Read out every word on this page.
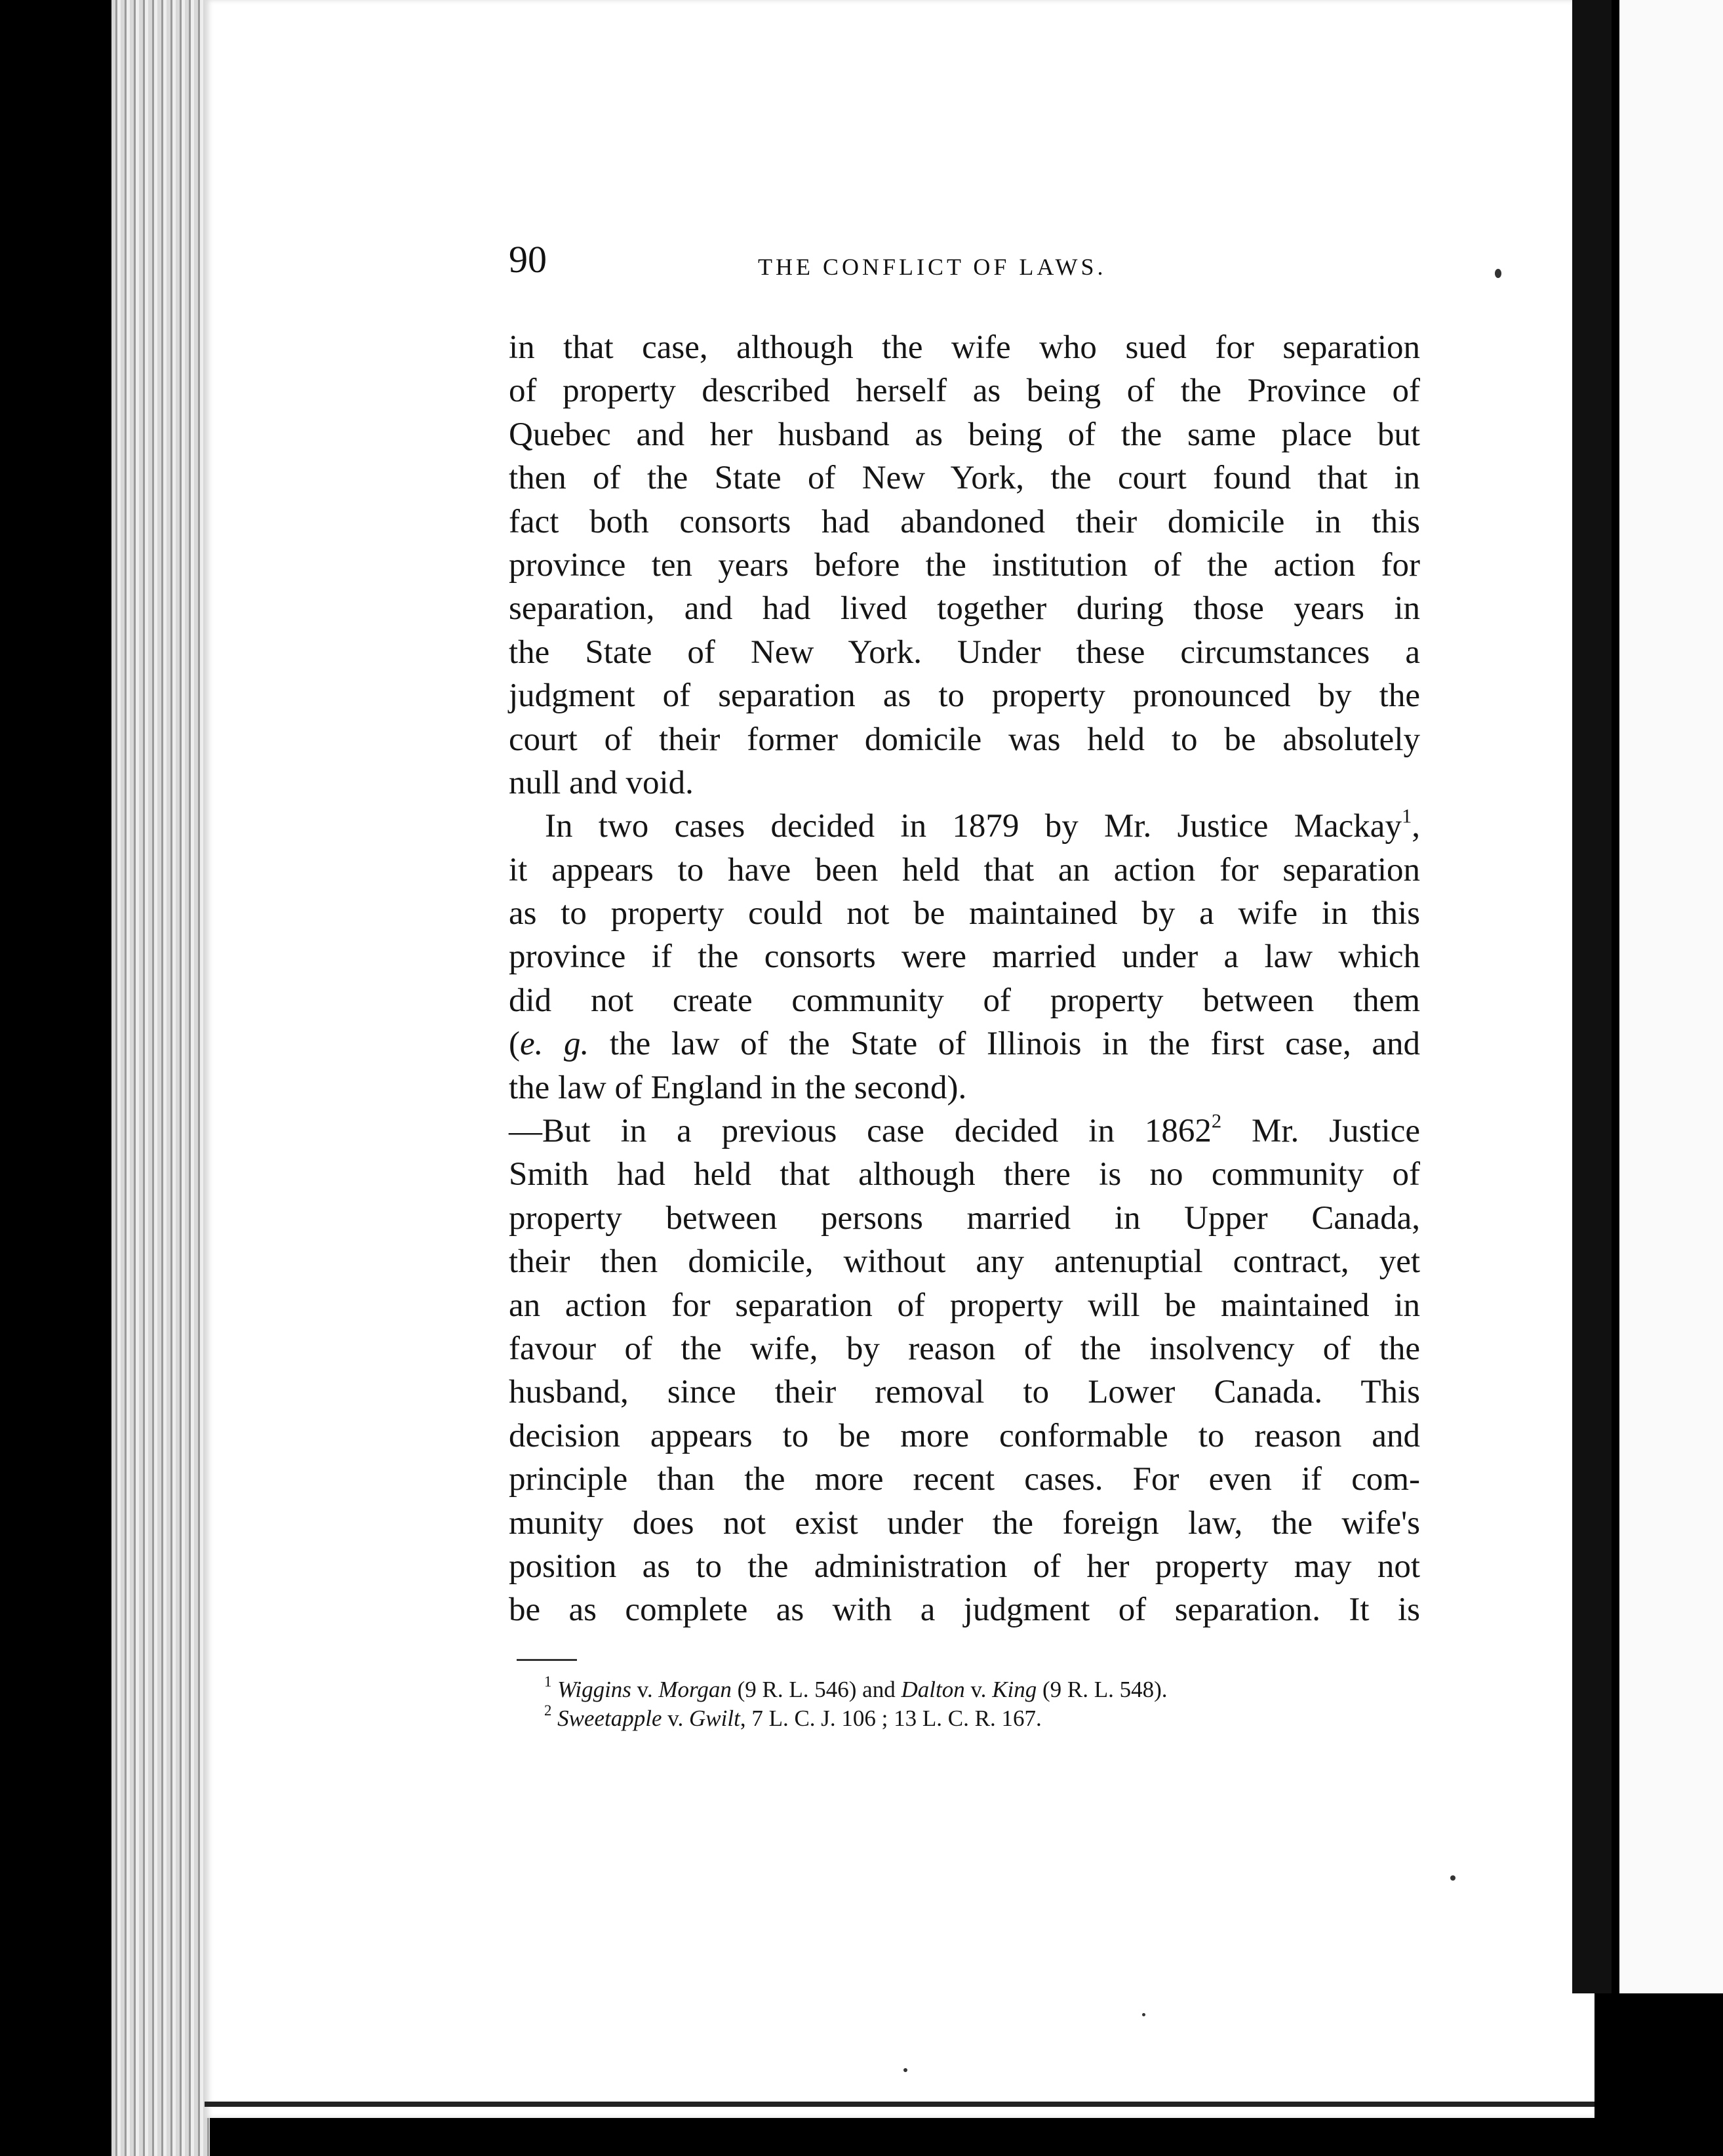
90	THE CONFLICT OF LAWS.
in that case, although the wife who sued for separation
of property described herself as being of the Province of
Quebec and her husband as being of the same place but
then of the State of New York, the court found that in
fact both consorts had abandoned their domicile in this
province ten years before the institution of the action for
separation, and had lived together during those years in
the State of New York. Under these circumstances a
judgment of separation as to property pronounced by the
court of their former domicile was held to be absolutely
null and void.
In two cases decided in 1879 by Mr. Justice Mackay$^1$,
it appears to have been held that an action for separation
as to property could not be maintained by a wife in this
province if the consorts were married under a law which
did not create community of property between them
(e. g. the law of the State of Illinois in the first case, and
the law of England in the second).
—But in a previous case decided in 1862$^2$ Mr. Justice
Smith had held that although there is no community of
property between persons married in Upper Canada,
their then domicile, without any antenuptial contract, yet
an action for separation of property will be maintained in
favour of the wife, by reason of the insolvency of the
husband, since their removal to Lower Canada. This
decision appears to be more conformable to reason and
principle than the more recent cases. For even if com-
munity does not exist under the foreign law, the wife's
position as to the administration of her property may not
be as complete as with a judgment of separation. It is
$^1$ Wiggins v. Morgan (9 R. L. 546) and Dalton v. King (9 R. L. 548).
$^2$ Sweetapple v. Gwilt, 7 L. C. J. 106 ; 13 L. C. R. 167.
